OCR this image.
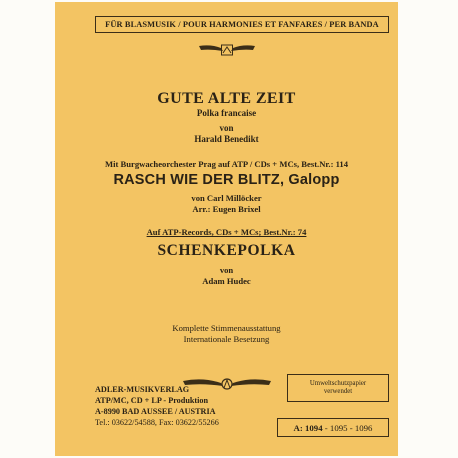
FÜR BLASMUSIK / POUR HARMONIES ET FANFARES / PER BANDA
GUTE ALTE ZEIT
Polka francaise
von
Harald Benedikt
Mit Burgwacheorchester Prag auf ATP / CDs + MCs, Best.Nr.: 114
RASCH WIE DER BLITZ, Galopp
von Carl Millöcker
Arr.: Eugen Brixel
Auf ATP-Records, CDs + MCs; Best.Nr.: 74
SCHENKEPOLKA
von
Adam Hudec
Komplette Stimmenausstattung
Internationale Besetzung
ADLER-MUSIKVERLAG
ATP/MC, CD + LP - Produktion
A-8990 BAD AUSSEE / AUSTRIA
Tel.: 03622/54588, Fax: 03622/55266
Umweltschutzpapier
verwendet
A: 1094 - 1095 - 1096
